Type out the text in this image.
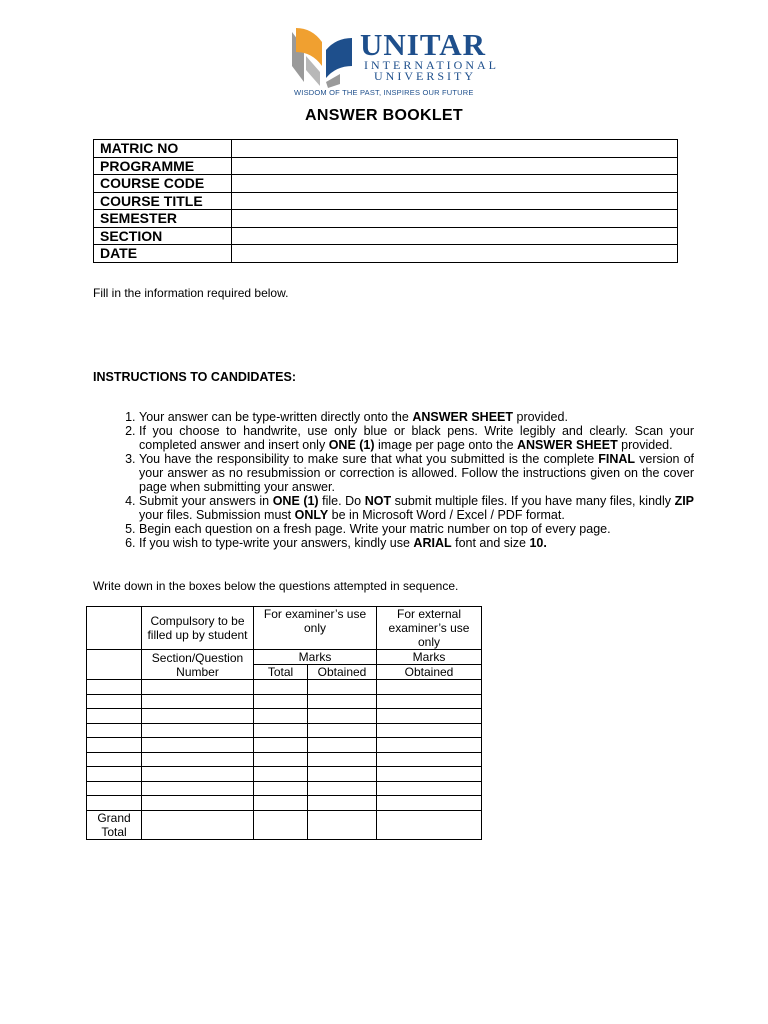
UNITAR
INTERNATIONAL
UNIVERSITY
WISDOM OF THE PAST, INSPIRES OUR FUTURE
ANSWER BOOKLET
MATRIC NO	
PROGRAMME	
COURSE CODE	
COURSE TITLE	
SEMESTER	
SECTION	
DATE	
Fill in the information required below.
INSTRUCTIONS TO CANDIDATES:
1. Your answer can be type-written directly onto the ANSWER SHEET provided.
2. If you choose to handwrite, use only blue or black pens. Write legibly and clearly. Scan your completed answer and insert only ONE (1) image per page onto the ANSWER SHEET provided.
3. You have the responsibility to make sure that what you submitted is the complete FINAL version of your answer as no resubmission or correction is allowed. Follow the instructions given on the cover page when submitting your answer.
4. Submit your answers in ONE (1) file. Do NOT submit multiple files. If you have many files, kindly ZIP your files. Submission must ONLY be in Microsoft Word / Excel / PDF format.
5. Begin each question on a fresh page. Write your matric number on top of every page.
6. If you wish to type-write your answers, kindly use ARIAL font and size 10.
Write down in the boxes below the questions attempted in sequence.
	Compulsory to be filled up by student	For examiner’s use only		For external examiner’s use only
	Section/Question Number	Marks		Marks
		Total	Obtained	Obtained

Grand Total				
